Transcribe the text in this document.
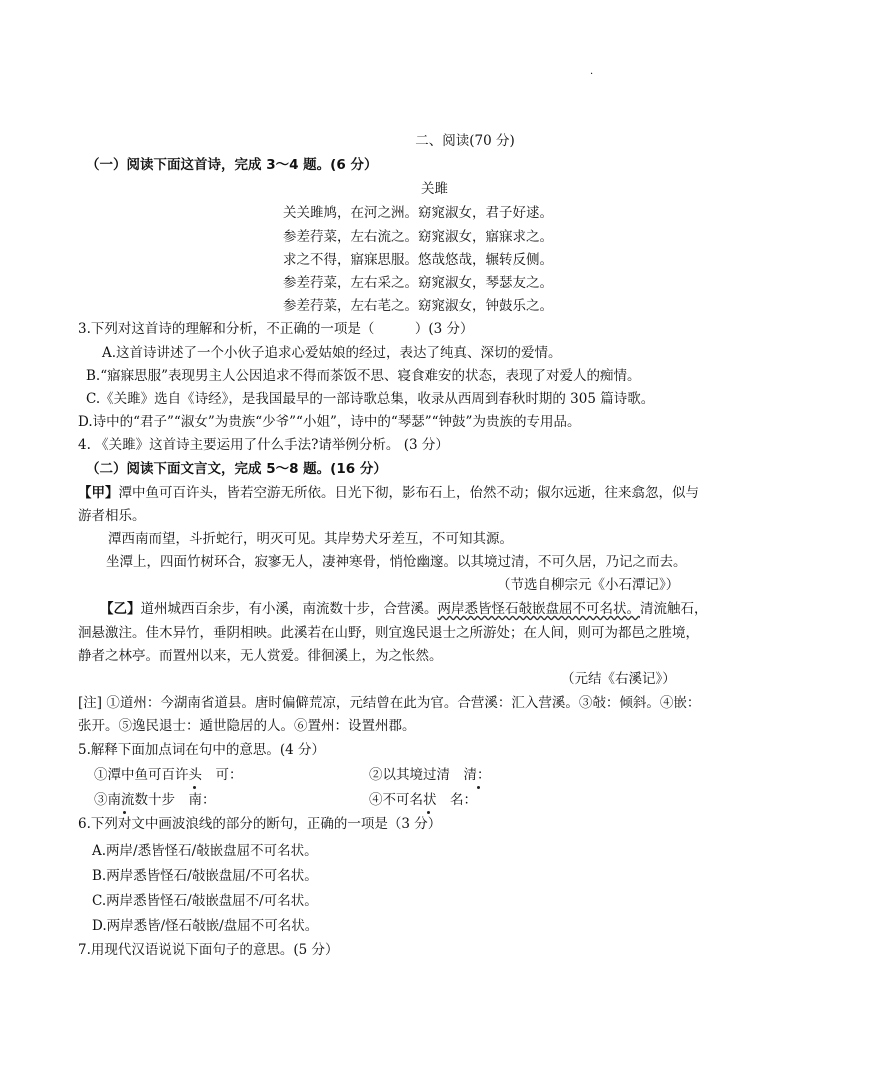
·
二、阅读(70 分)
（一）阅读下面这首诗，完成 3～4 题。(6 分）
关雎
关关雎鸠，在河之洲。窈窕淑女，君子好逑。
参差荇菜，左右流之。窈窕淑女，寤寐求之。
求之不得，寤寐思服。悠哉悠哉，辗转反侧。
参差荇菜，左右采之。窈窕淑女，琴瑟友之。
参差荇菜，左右芼之。窈窕淑女，钟鼓乐之。
3.下列对这首诗的理解和分析，不正确的一项是（　　　）(3 分）
A.这首诗讲述了一个小伙子追求心爱姑娘的经过，表达了纯真、深切的爱情。
B.“寤寐思服”表现男主人公因追求不得而茶饭不思、寝食难安的状态，表现了对爱人的痴情。
C.《关雎》选自《诗经》，是我国最早的一部诗歌总集，收录从西周到春秋时期的 305 篇诗歌。
D.诗中的“君子”“淑女”为贵族“少爷”“小姐”，诗中的“琴瑟”“钟鼓”为贵族的专用品。
4. 《关雎》这首诗主要运用了什么手法?请举例分析。 (3 分）
（二）阅读下面文言文，完成 5～8 题。(16 分）
【甲】潭中鱼可百许头，皆若空游无所依。日光下彻，影布石上，佁然不动；俶尔远逝，往来翕忽，似与
游者相乐。
潭西南而望，斗折蛇行，明灭可见。其岸势犬牙差互，不可知其源。
坐潭上，四面竹树环合，寂寥无人，凄神寒骨，悄怆幽邃。以其境过清，不可久居，乃记之而去。
（节选自柳宗元《小石潭记》）
【乙】道州城西百余步，有小溪，南流数十步，合营溪。两岸悉皆怪石敧嵌盘屈不可名状。清流触石，
洄悬激注。佳木异竹，垂阴相映。此溪若在山野，则宜逸民退士之所游处；在人间，则可为都邑之胜境，
静者之林亭。而置州以来，无人赏爱。徘徊溪上，为之怅然。
（元结《右溪记》）
[注] ①道州：今湖南省道县。唐时偏僻荒凉，元结曾在此为官。合营溪：汇入营溪。③敧：倾斜。④嵌：
张开。⑤逸民退士：遁世隐居的人。⑥置州：设置州郡。
5.解释下面加点词在句中的意思。(4 分）
①潭中鱼可百许头　可：	②以其境过清　清：
③南流数十步　南：	④不可名状　名：
6.下列对文中画波浪线的部分的断句，正确的一项是（3 分）
A.两岸/悉皆怪石/敧嵌盘屈不可名状。
B.两岸悉皆怪石/敧嵌盘屈/不可名状。
C.两岸悉皆怪石/敧嵌盘屈不/可名状。
D.两岸悉皆/怪石敧嵌/盘屈不可名状。
7.用现代汉语说说下面句子的意思。(5 分）
